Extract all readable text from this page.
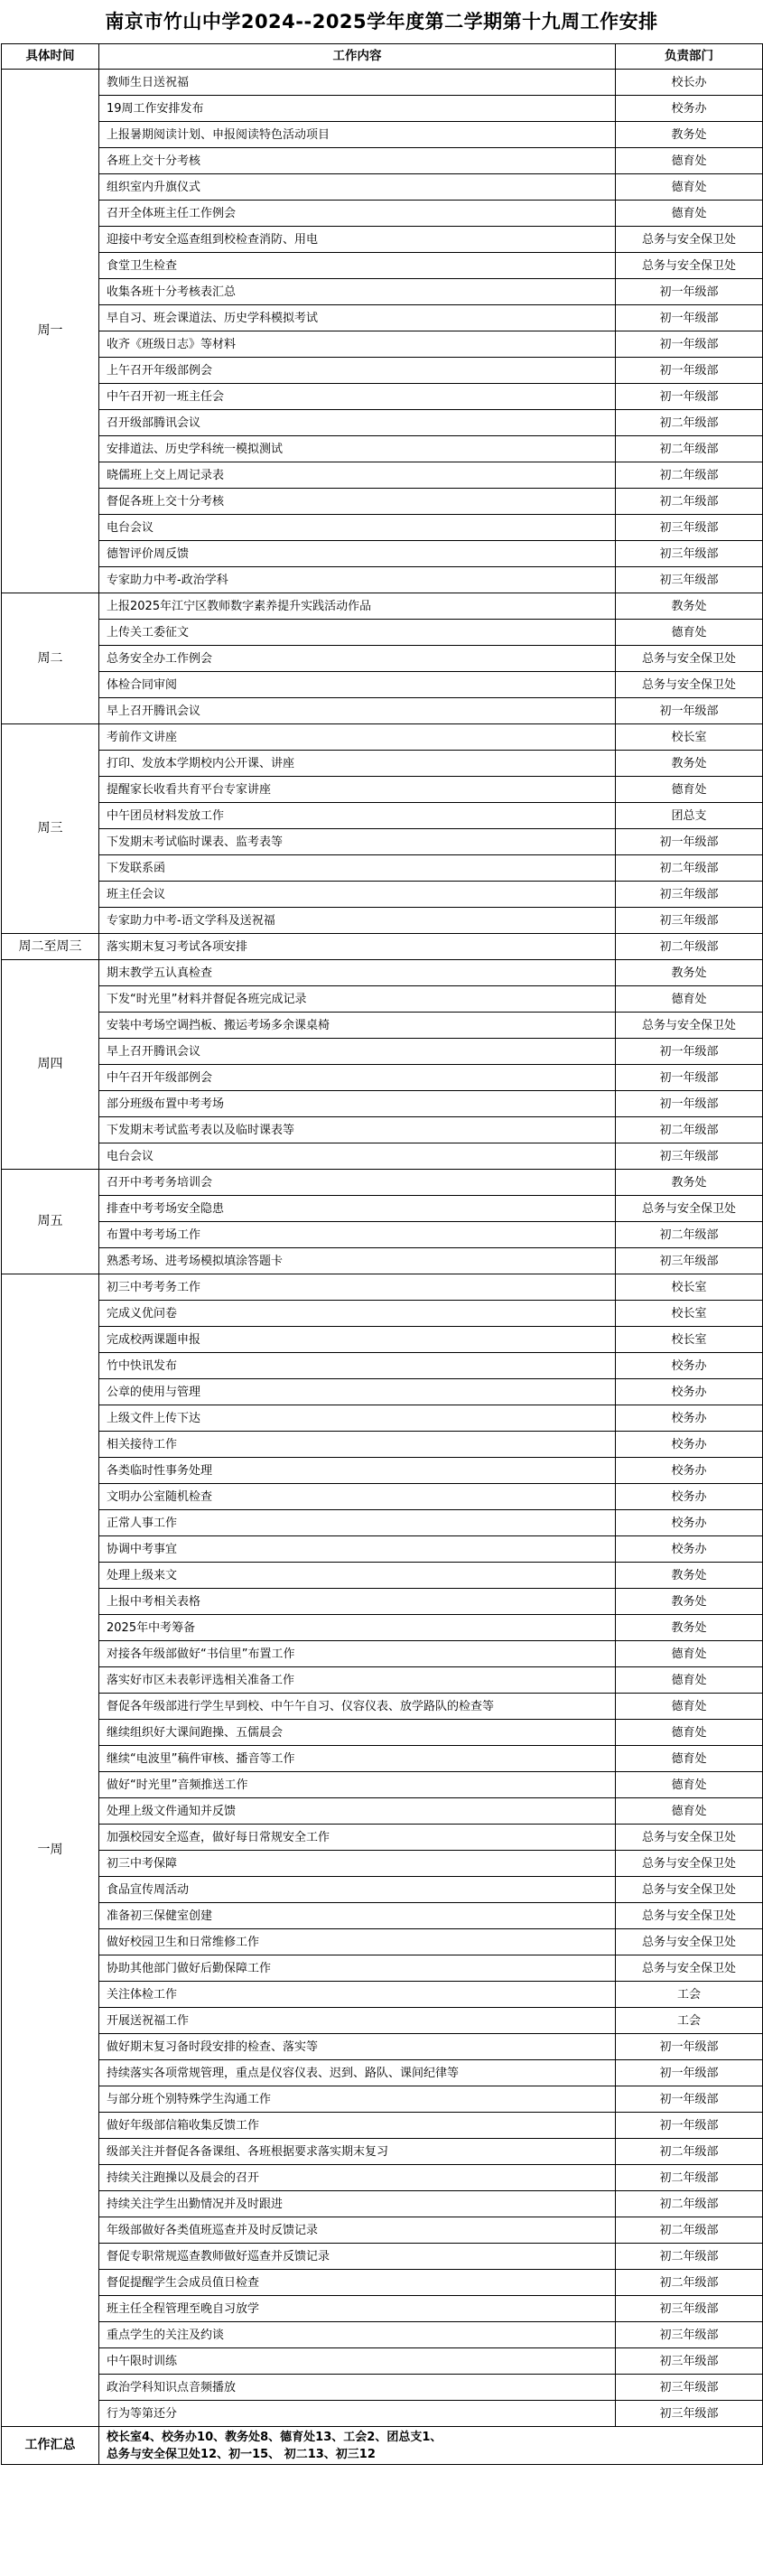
南京市竹山中学2024--2025学年度第二学期第十九周工作安排
具体时间	工作内容	负责部门
周一	教师生日送祝福	校长办
	19周工作安排发布	校务办
	上报暑期阅读计划、申报阅读特色活动项目	教务处
	各班上交十分考核	德育处
	组织室内升旗仪式	德育处
	召开全体班主任工作例会	德育处
	迎接中考安全巡查组到校检查消防、用电	总务与安全保卫处
	食堂卫生检查	总务与安全保卫处
	收集各班十分考核表汇总	初一年级部
	早自习、班会课道法、历史学科模拟考试	初一年级部
	收齐《班级日志》等材料	初一年级部
	上午召开年级部例会	初一年级部
	中午召开初一班主任会	初一年级部
	召开级部腾讯会议	初二年级部
	安排道法、历史学科统一模拟测试	初二年级部
	晓儒班上交上周记录表	初二年级部
	督促各班上交十分考核	初二年级部
	电台会议	初三年级部
	德智评价周反馈	初三年级部
	专家助力中考-政治学科	初三年级部
周二	上报2025年江宁区教师数字素养提升实践活动作品	教务处
	上传关工委征文	德育处
	总务安全办工作例会	总务与安全保卫处
	体检合同审阅	总务与安全保卫处
	早上召开腾讯会议	初一年级部
周三	考前作文讲座	校长室
	打印、发放本学期校内公开课、讲座	教务处
	提醒家长收看共育平台专家讲座	德育处
	中午团员材料发放工作	团总支
	下发期末考试临时课表、监考表等	初一年级部
	下发联系函	初二年级部
	班主任会议	初三年级部
	专家助力中考-语文学科及送祝福	初三年级部
周二至周三	落实期末复习考试各项安排	初二年级部
周四	期末教学五认真检查	教务处
	下发“时光里”材料并督促各班完成记录	德育处
	安装中考场空调挡板、搬运考场多余课桌椅	总务与安全保卫处
	早上召开腾讯会议	初一年级部
	中午召开年级部例会	初一年级部
	部分班级布置中考考场	初一年级部
	下发期末考试监考表以及临时课表等	初二年级部
	电台会议	初三年级部
周五	召开中考考务培训会	教务处
	排查中考考场安全隐患	总务与安全保卫处
	布置中考考场工作	初二年级部
	熟悉考场、进考场模拟填涂答题卡	初三年级部
一周	初三中考考务工作	校长室
	完成义优问卷	校长室
	完成校两课题申报	校长室
	竹中快讯发布	校务办
	公章的使用与管理	校务办
	上级文件上传下达	校务办
	相关接待工作	校务办
	各类临时性事务处理	校务办
	文明办公室随机检查	校务办
	正常人事工作	校务办
	协调中考事宜	校务办
	处理上级来文	教务处
	上报中考相关表格	教务处
	2025年中考筹备	教务处
	对接各年级部做好“书信里”布置工作	德育处
	落实好市区未表彰评选相关准备工作	德育处
	督促各年级部进行学生早到校、中午午自习、仪容仪表、放学路队的检查等	德育处
	继续组织好大课间跑操、五儒晨会	德育处
	继续“电波里”稿件审核、播音等工作	德育处
	做好“时光里”音频推送工作	德育处
	处理上级文件通知并反馈	德育处
	加强校园安全巡查，做好每日常规安全工作	总务与安全保卫处
	初三中考保障	总务与安全保卫处
	食品宣传周活动	总务与安全保卫处
	准备初三保健室创建	总务与安全保卫处
	做好校园卫生和日常维修工作	总务与安全保卫处
	协助其他部门做好后勤保障工作	总务与安全保卫处
	关注体检工作	工会
	开展送祝福工作	工会
	做好期末复习备时段安排的检查、落实等	初一年级部
	持续落实各项常规管理，重点是仪容仪表、迟到、路队、课间纪律等	初一年级部
	与部分班个别特殊学生沟通工作	初一年级部
	做好年级部信箱收集反馈工作	初一年级部
	级部关注并督促各备课组、各班根据要求落实期末复习	初二年级部
	持续关注跑操以及晨会的召开	初二年级部
	持续关注学生出勤情况并及时跟进	初二年级部
	年级部做好各类值班巡查并及时反馈记录	初二年级部
	督促专职常规巡查教师做好巡查并反馈记录	初二年级部
	督促提醒学生会成员值日检查	初二年级部
	班主任全程管理至晚自习放学	初三年级部
	重点学生的关注及约谈	初三年级部
	中午限时训练	初三年级部
	政治学科知识点音频播放	初三年级部
	行为等第还分	初三年级部
工作汇总	校长室4、校务办10、教务处8、德育处13、工会2、团总支1、
总务与安全保卫处12、初一15、 初二13、初三12	
